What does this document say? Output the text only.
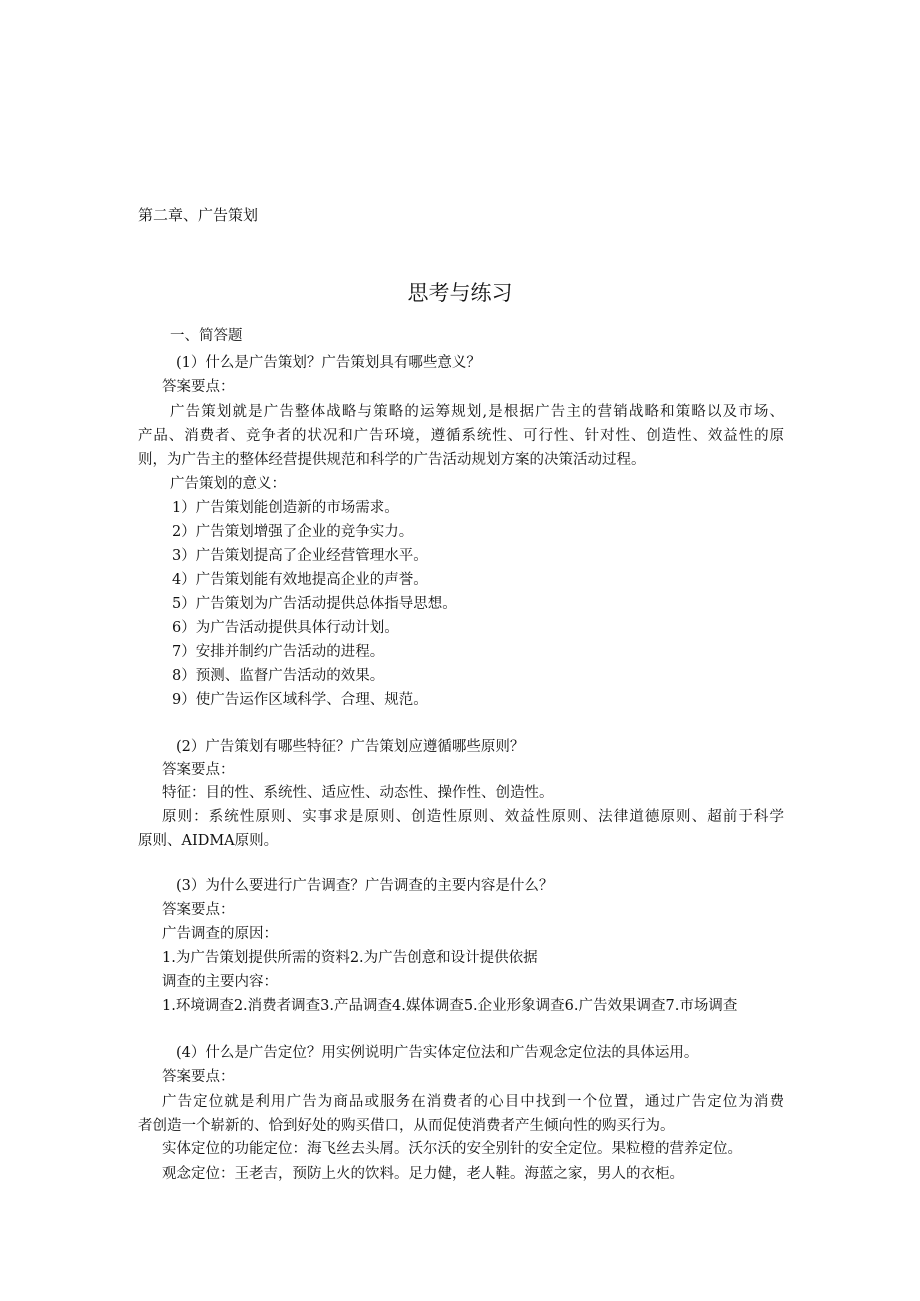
第二章、广告策划
思考与练习
一、简答题
(1）什么是广告策划？广告策划具有哪些意义？
答案要点：
广告策划就是广告整体战略与策略的运筹规划,是根据广告主的营销战略和策略以及市场、
产品、消费者、竞争者的状况和广告环境，遵循系统性、可行性、针对性、创造性、效益性的原
则，为广告主的整体经营提供规范和科学的广告活动规划方案的决策活动过程。
广告策划的意义：
1）广告策划能创造新的市场需求。
2）广告策划增强了企业的竞争实力。
3）广告策划提高了企业经营管理水平。
4）广告策划能有效地提高企业的声誉。
5）广告策划为广告活动提供总体指导思想。
6）为广告活动提供具体行动计划。
7）安排并制约广告活动的进程。
8）预测、监督广告活动的效果。
9）使广告运作区域科学、合理、规范。
(2）广告策划有哪些特征？广告策划应遵循哪些原则？
答案要点：
特征：目的性、系统性、适应性、动态性、操作性、创造性。
原则：系统性原则、实事求是原则、创造性原则、效益性原则、法律道德原则、超前于科学
原则、AIDMA原则。
(3）为什么要进行广告调查？广告调查的主要内容是什么？
答案要点：
广告调查的原因：
1.为广告策划提供所需的资料2.为广告创意和设计提供依据
调查的主要内容：
1.环境调查2.消费者调查3.产品调查4.媒体调查5.企业形象调查6.广告效果调查7.市场调查
(4）什么是广告定位？用实例说明广告实体定位法和广告观念定位法的具体运用。
答案要点：
广告定位就是利用广告为商品或服务在消费者的心目中找到一个位置，通过广告定位为消费
者创造一个崭新的、恰到好处的购买借口，从而促使消费者产生倾向性的购买行为。
实体定位的功能定位：海飞丝去头屑。沃尔沃的安全别针的安全定位。果粒橙的营养定位。
观念定位：王老吉，预防上火的饮料。足力健，老人鞋。海蓝之家，男人的衣柜。
